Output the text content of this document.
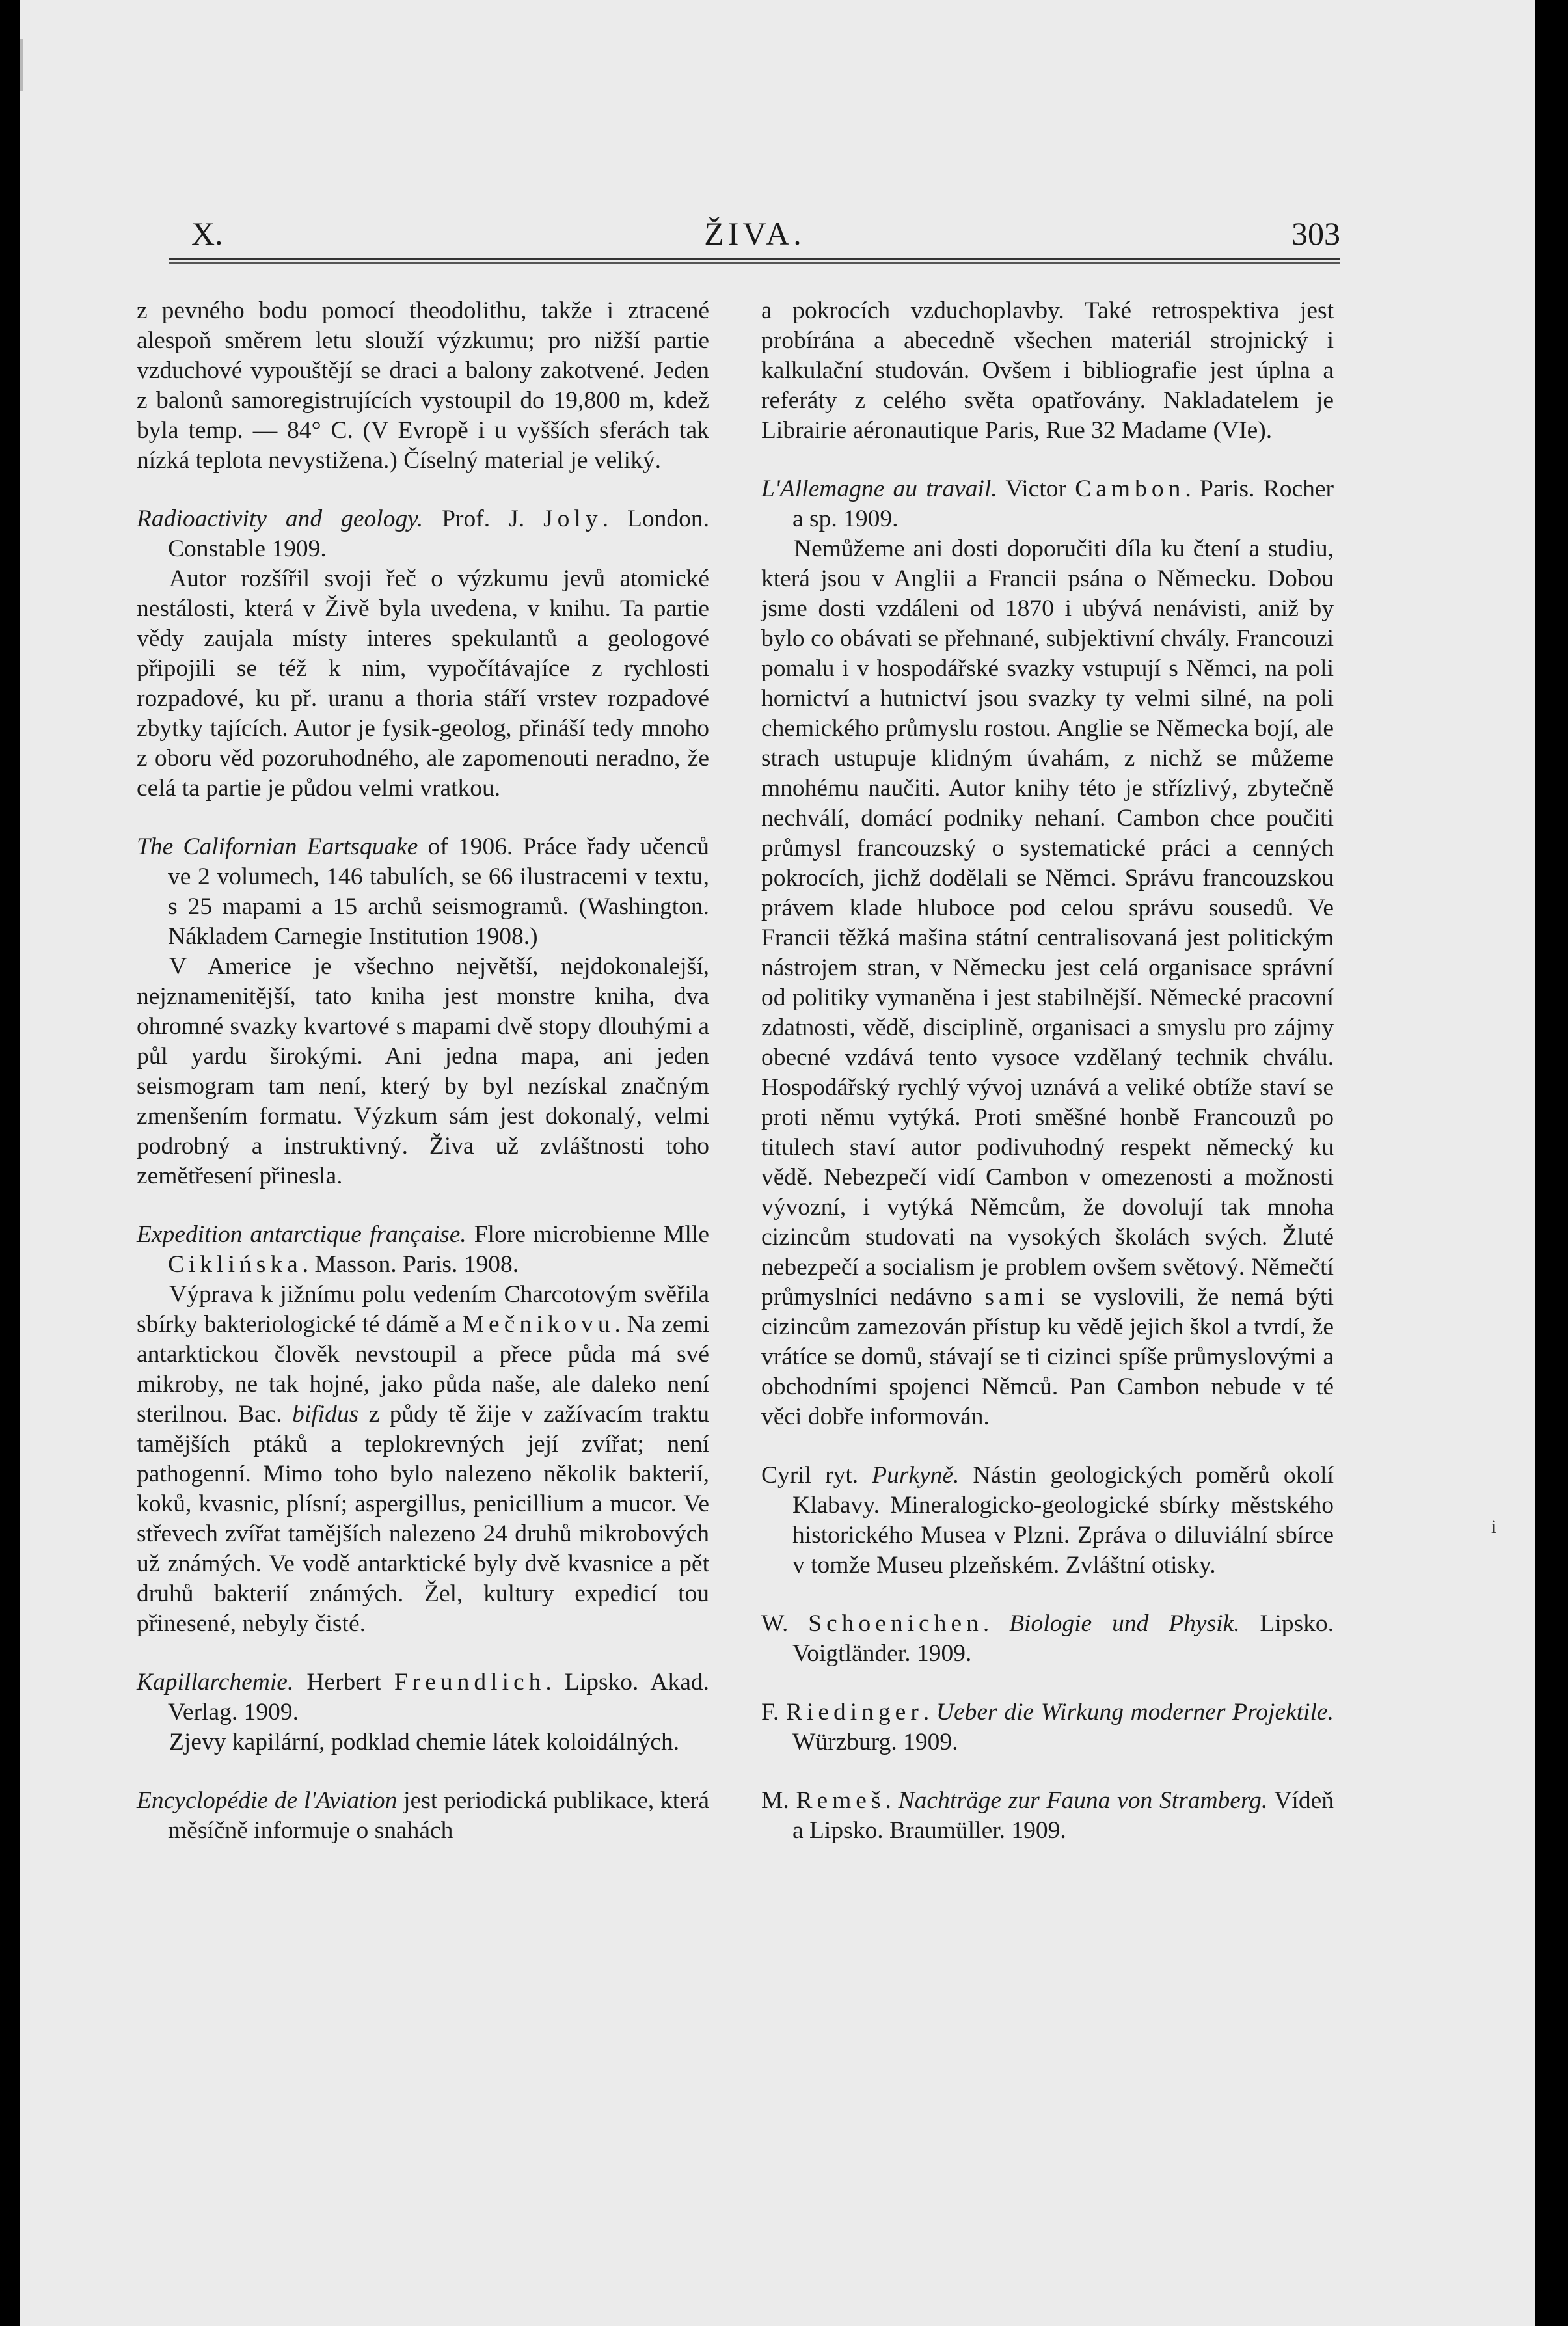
X.	ŽIVA.	303

z pevného bodu pomocí theodolithu, takže i ztracené alespoň směrem letu slouží výzkumu; pro nižší partie vzduchové vypouštějí se draci a balony zakotvené. Jeden z balonů samoregistrujících vystoupil do 19,800 m, kdež byla temp. — 84° C. (V Evropě i u vyšších sferách tak nízká teplota nevystižena.) Číselný material je veliký.

Radioactivity and geology. Prof. J. Joly. London. Constable 1909.

Autor rozšířil svoji řeč o výzkumu jevů atomické nestálosti, která v Živě byla uvedena, v knihu. Ta partie vědy zaujala místy interes spekulantů a geologové připojili se též k nim, vypočítávajíce z rychlosti rozpadové, ku př. uranu a thoria stáří vrstev rozpadové zbytky tajících. Autor je fysik-geolog, přináší tedy mnoho z oboru věd pozoruhodného, ale zapomenouti neradno, že celá ta partie je půdou velmi vratkou.

The Californian Eartsquake of 1906. Práce řady učenců ve 2 volumech, 146 tabulích, se 66 ilustracemi v textu, s 25 mapami a 15 archů seismogramů. (Washington. Nákladem Carnegie Institution 1908.)

V Americe je všechno největší, nejdokonalejší, nejznamenitější, tato kniha jest monstre kniha, dva ohromné svazky kvartové s mapami dvě stopy dlouhými a půl yardu širokými. Ani jedna mapa, ani jeden seismogram tam není, který by byl nezískal značným zmenšením formatu. Výzkum sám jest dokonalý, velmi podrobný a instruktivný. Živa už zvláštnosti toho zemětřesení přinesla.

Expedition antarctique française. Flore microbienne Mlle Ciklińska. Masson. Paris. 1908.

Výprava k jižnímu polu vedením Charcotovým svěřila sbírky bakteriologické té dámě a Mečnikovu. Na zemi antarktickou člověk nevstoupil a přece půda má své mikroby, ne tak hojné, jako půda naše, ale daleko není sterilnou. Bac. bifidus z půdy tě žije v zažívacím traktu tamějších ptáků a teplokrevných její zvířat; není pathogenní. Mimo toho bylo nalezeno několik bakterií, koků, kvasnic, plísní; aspergillus, penicillium a mucor. Ve střevech zvířat tamějších nalezeno 24 druhů mikrobových už známých. Ve vodě antarktické byly dvě kvasnice a pět druhů bakterií známých. Žel, kultury expedicí tou přinesené, nebyly čisté.

Kapillarchemie. Herbert Freundlich. Lipsko. Akad. Verlag. 1909.

Zjevy kapilární, podklad chemie látek koloidálných.

Encyclopédie de l'Aviation jest periodická publikace, která měsíčně informuje o snahách

a pokrocích vzduchoplavby. Také retrospektiva jest probírána a abecedně všechen materiál strojnický i kalkulační studován. Ovšem i bibliografie jest úplna a referáty z celého světa opatřovány. Nakladatelem je Librairie aéronautique Paris, Rue 32 Madame (VIe).

L'Allemagne au travail. Victor Cambon. Paris. Rocher a sp. 1909.

Nemůžeme ani dosti doporučiti díla ku čtení a studiu, která jsou v Anglii a Francii psána o Německu. Dobou jsme dosti vzdáleni od 1870 i ubývá nenávisti, aniž by bylo co obávati se přehnané, subjektivní chvály. Francouzi pomalu i v hospodářské svazky vstupují s Němci, na poli hornictví a hutnictví jsou svazky ty velmi silné, na poli chemického průmyslu rostou. Anglie se Německa bojí, ale strach ustupuje klidným úvahám, z nichž se můžeme mnohému naučiti. Autor knihy této je střízlivý, zbytečně nechválí, domácí podniky nehaní. Cambon chce poučiti průmysl francouzský o systematické práci a cenných pokrocích, jichž dodělali se Němci. Správu francouzskou právem klade hluboce pod celou správu sousedů. Ve Francii těžká mašina státní centralisovaná jest politickým nástrojem stran, v Německu jest celá organisace správní od politiky vymaněna i jest stabilnější. Německé pracovní zdatnosti, vědě, disciplině, organisaci a smyslu pro zájmy obecné vzdává tento vysoce vzdělaný technik chválu. Hospodářský rychlý vývoj uznává a veliké obtíže staví se proti němu vytýká. Proti směšné honbě Francouzů po titulech staví autor podivuhodný respekt německý ku vědě. Nebezpečí vidí Cambon v omezenosti a možnosti vývozní, i vytýká Němcům, že dovolují tak mnoha cizincům studovati na vysokých školách svých. Žluté nebezpečí a socialism je problem ovšem světový. Němečtí průmyslníci nedávno sami se vyslovili, že nemá býti cizincům zamezován přístup ku vědě jejich škol a tvrdí, že vrátíce se domů, stávají se ti cizinci spíše průmyslovými a obchodními spojenci Němců. Pan Cambon nebude v té věci dobře informován.

Cyril ryt. Purkyně. Nástin geologických poměrů okolí Klabavy. Mineralogicko-geologické sbírky městského historického Musea v Plzni. Zpráva o diluviální sbírce v tomže Museu plzeňském. Zvláštní otisky.

W. Schoenichen. Biologie und Physik. Lipsko. Voigtländer. 1909.

F. Riedinger. Ueber die Wirkung moderner Projektile. Würzburg. 1909.

M. Remeš. Nachträge zur Fauna von Stramberg. Vídeň a Lipsko. Braumüller. 1909.

i
